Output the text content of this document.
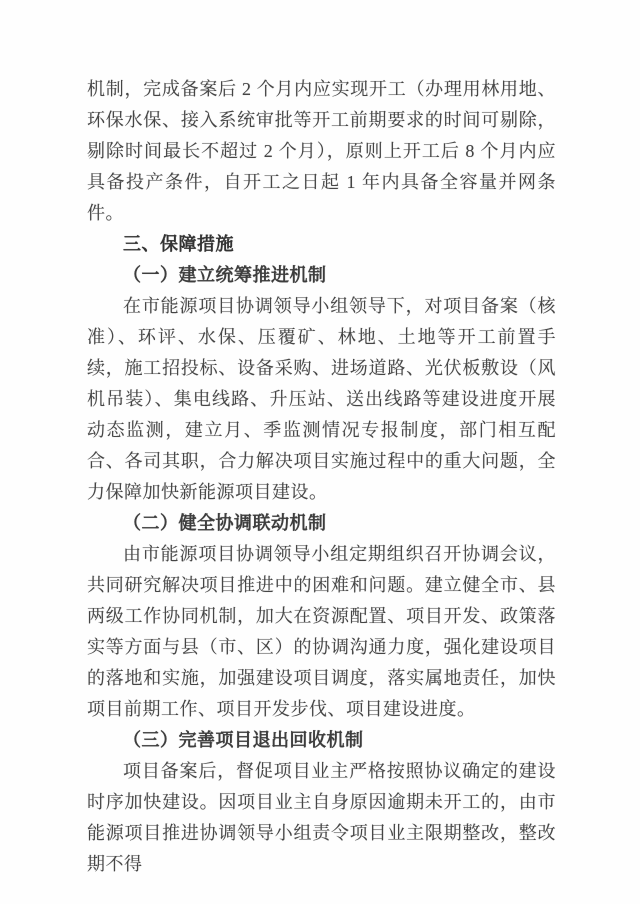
机制，完成备案后 2 个月内应实现开工（办理用林用地、环保水保、接入系统审批等开工前期要求的时间可剔除，剔除时间最长不超过 2 个月），原则上开工后 8 个月内应具备投产条件，自开工之日起 1 年内具备全容量并网条件。

三、保障措施
（一）建立统筹推进机制

在市能源项目协调领导小组领导下，对项目备案（核准）、环评、水保、压覆矿、林地、土地等开工前置手续，施工招投标、设备采购、进场道路、光伏板敷设（风机吊装）、集电线路、升压站、送出线路等建设进度开展动态监测，建立月、季监测情况专报制度，部门相互配合、各司其职，合力解决项目实施过程中的重大问题，全力保障加快新能源项目建设。

（二）健全协调联动机制

由市能源项目协调领导小组定期组织召开协调会议，共同研究解决项目推进中的困难和问题。建立健全市、县两级工作协同机制，加大在资源配置、项目开发、政策落实等方面与县（市、区）的协调沟通力度，强化建设项目的落地和实施，加强建设项目调度，落实属地责任，加快项目前期工作、项目开发步伐、项目建设进度。

（三）完善项目退出回收机制

项目备案后，督促项目业主严格按照协议确定的建设时序加快建设。因项目业主自身原因逾期未开工的，由市能源项目推进协调领导小组责令项目业主限期整改，整改期不得
